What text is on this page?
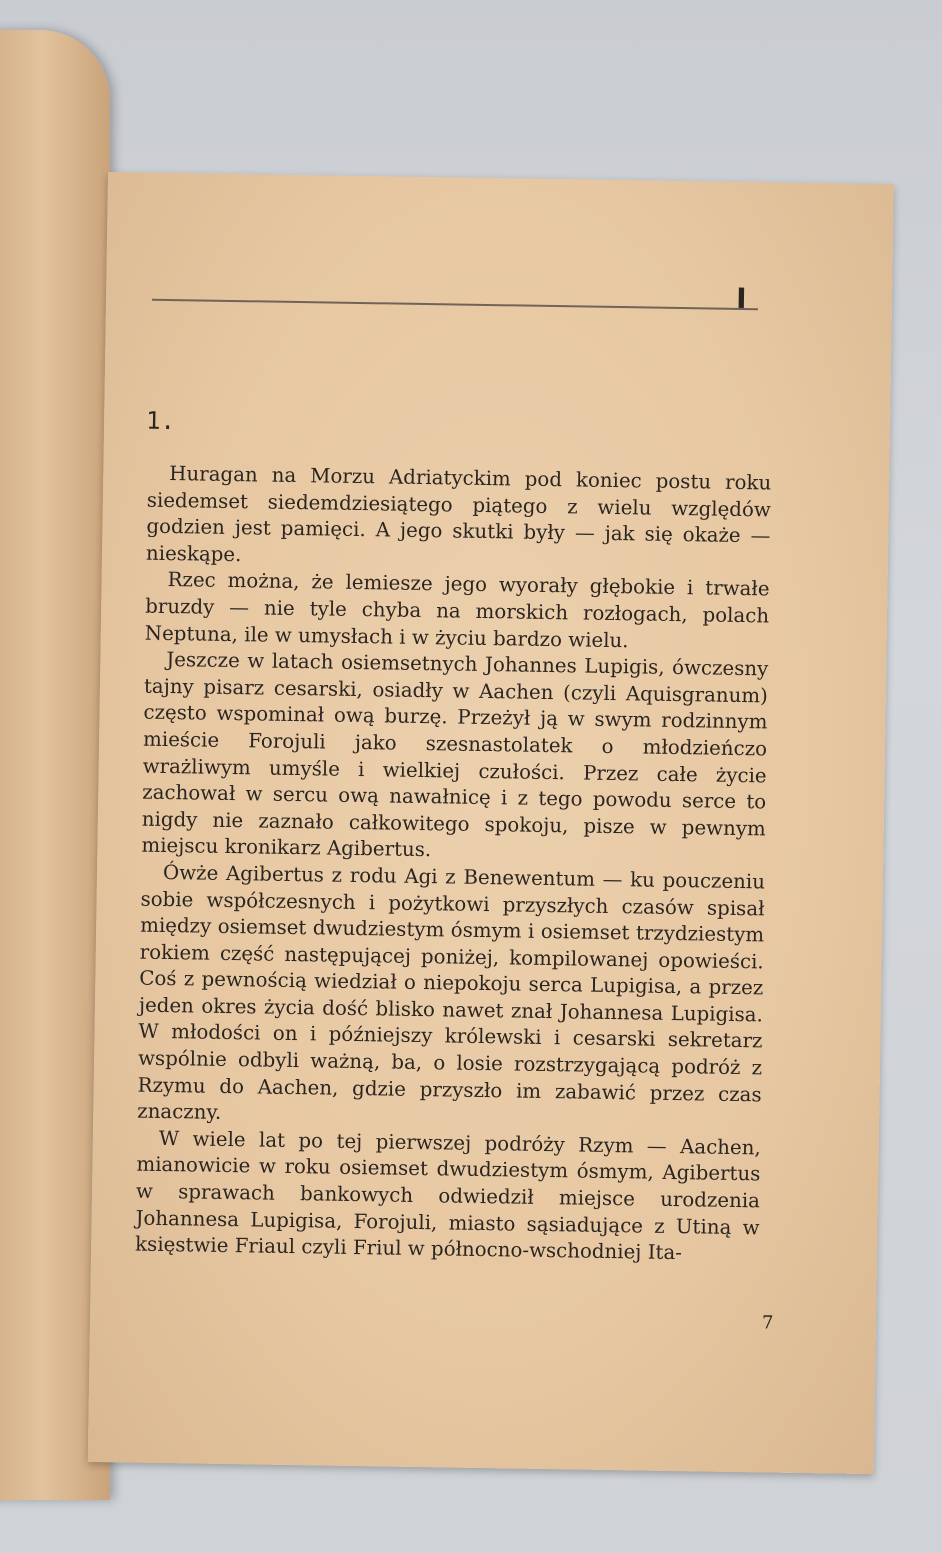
I
1.

Huragan na Morzu Adriatyckim pod koniec postu roku siedemset siedemdziesiątego piątego z wielu względów godzien jest pamięci. A jego skutki były — jak się okaże — nieskąpe.

Rzec można, że lemiesze jego wyorały głębokie i trwałe bruzdy — nie tyle chyba na morskich rozłogach, polach Neptuna, ile w umysłach i w życiu bardzo wielu.

Jeszcze w latach osiemsetnych Johannes Lupigis, ówczesny tajny pisarz cesarski, osiadły w Aachen (czyli Aquisgranum) często wspominał ową burzę. Przeżył ją w swym rodzinnym mieście Forojuli jako szesnastolatek o młodzieńczo wrażliwym umyśle i wielkiej czułości. Przez całe życie zachował w sercu ową nawałnicę i z tego powodu serce to nigdy nie zaznało całkowitego spokoju, pisze w pewnym miejscu kronikarz Agibertus.

Ówże Agibertus z rodu Agi z Benewentum — ku pouczeniu sobie współczesnych i pożytkowi przyszłych czasów spisał między osiemset dwudziestym ósmym i osiemset trzydziestym rokiem część następującej poniżej, kompilowanej opowieści. Coś z pewnością wiedział o niepokoju serca Lupigisa, a przez jeden okres życia dość blisko nawet znał Johannesa Lupigisa. W młodości on i późniejszy królewski i cesarski sekretarz wspólnie odbyli ważną, ba, o losie rozstrzygającą podróż z Rzymu do Aachen, gdzie przyszło im zabawić przez czas znaczny.

W wiele lat po tej pierwszej podróży Rzym — Aachen, mianowicie w roku osiemset dwudziestym ósmym, Agibertus w sprawach bankowych odwiedził miejsce urodzenia Johannesa Lupigisa, Forojuli, miasto sąsiadujące z Utiną w księstwie Friaul czyli Friul w północno-wschodniej Ita-

7
